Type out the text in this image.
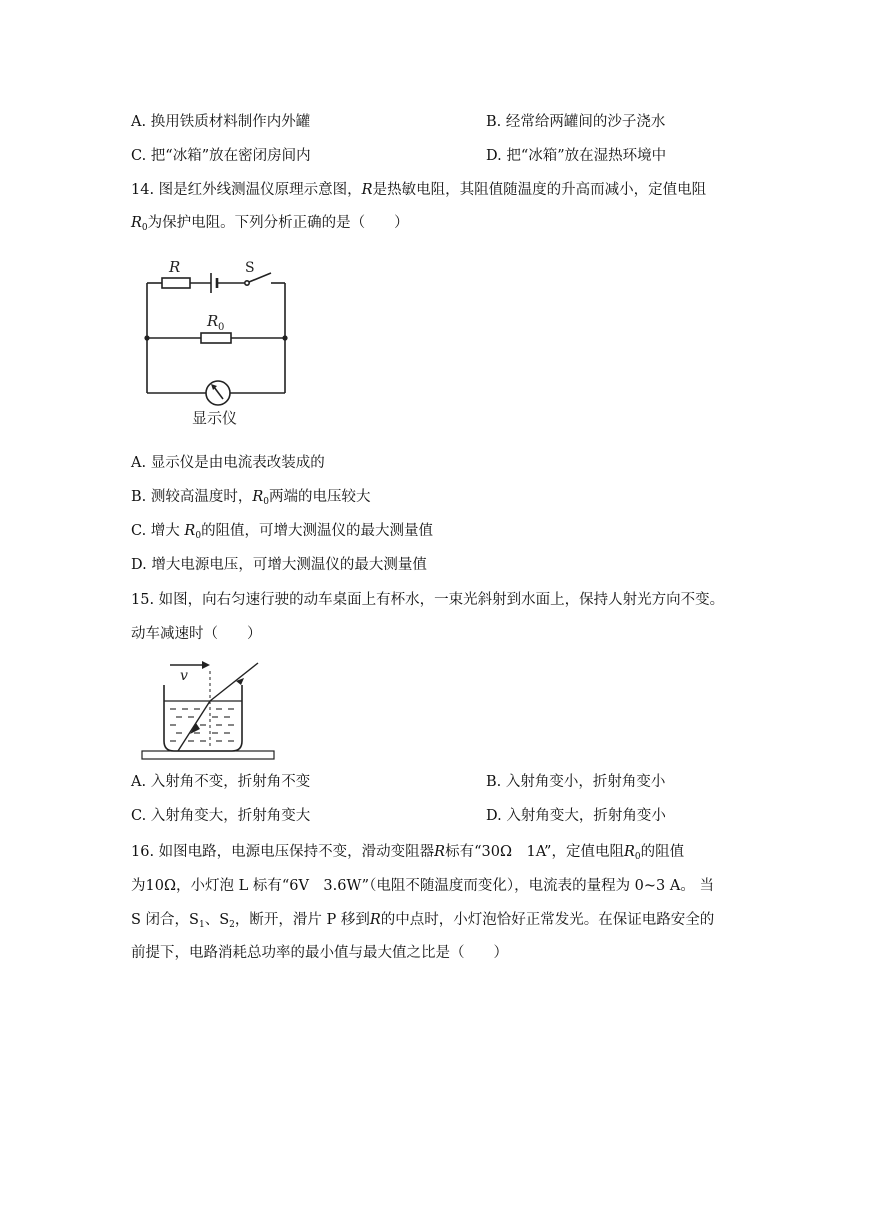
A. 换用铁质材料制作内外罐	B. 经常给两罐间的沙子浇水
C. 把“冰箱”放在密闭房间内	D. 把“冰箱”放在湿热环境中
14. 图是红外线测温仪原理示意图，R是热敏电阻，其阻值随温度的升高而减小，定值电阻
$R_0$为保护电阻。下列分析正确的是（　　）
R	S
R 0
显示仪
A. 显示仪是由电流表改装成的
B. 测较高温度时，$R_0$两端的电压较大
C. 增大 $R_0$的阻值，可增大测温仪的最大测量值
D. 增大电源电压，可增大测温仪的最大测量值
15. 如图，向右匀速行驶的动车桌面上有杯水，一束光斜射到水面上，保持人射光方向不变。
动车减速时（　　）
v
A. 入射角不变，折射角不变	B. 入射角变小，折射角变小
C. 入射角变大，折射角变大	D. 入射角变大，折射角变小
16. 如图电路，电源电压保持不变，滑动变阻器R标有“30Ω　1A”，定值电阻$R_0$的阻值
为10Ω，小灯泡 L 标有“6V　3.6W”（电阻不随温度而变化），电流表的量程为 0~3 A。 当
S 闭合，$S_1$、$S_2$，断开，滑片 P 移到R的中点时，小灯泡恰好正常发光。在保证电路安全的
前提下，电路消耗总功率的最小值与最大值之比是（　　）
